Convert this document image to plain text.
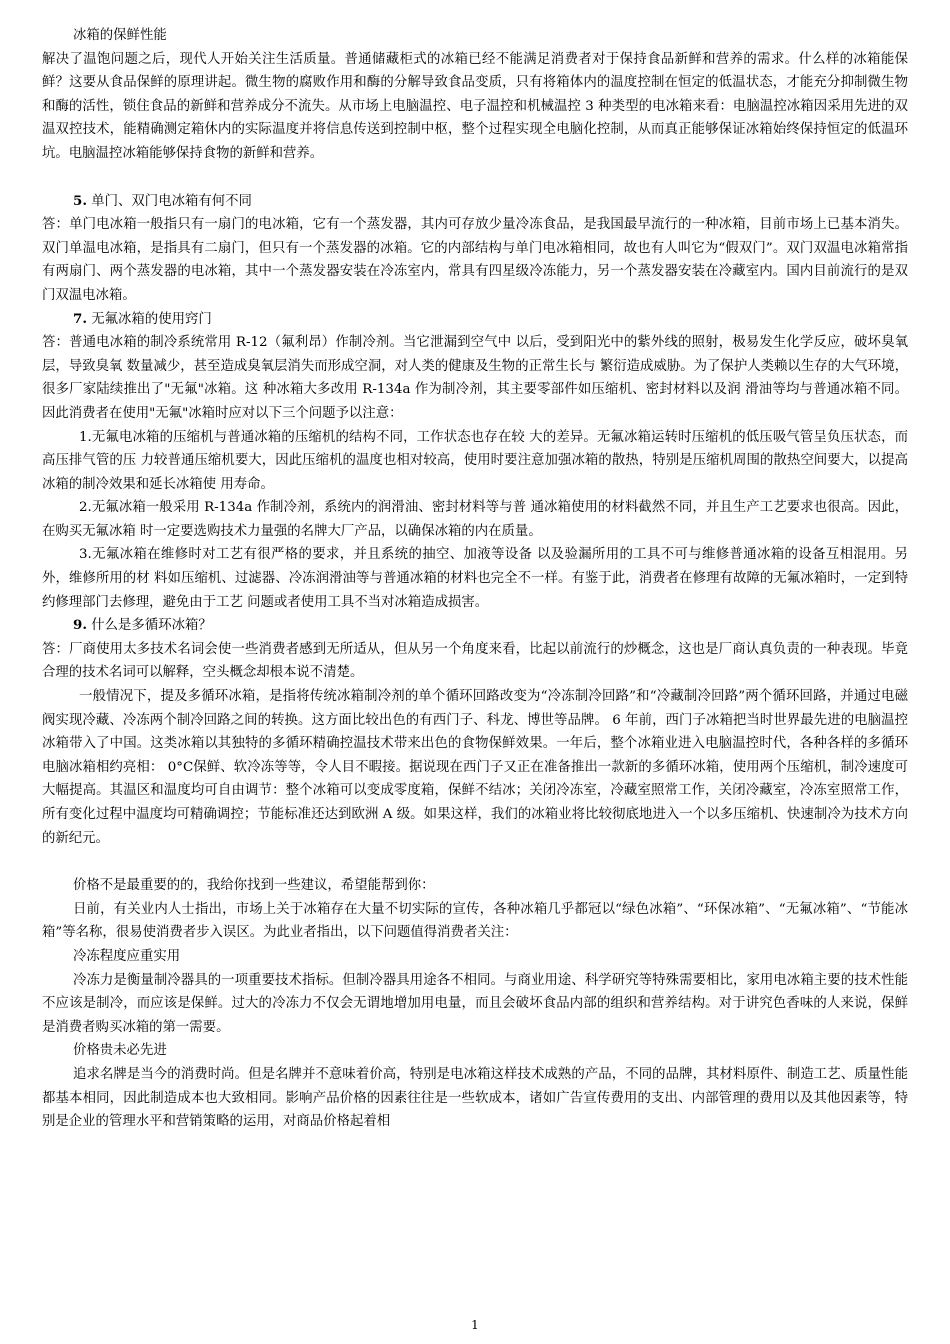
冰箱的保鲜性能

解决了温饱问题之后，现代人开始关注生活质量。普通储藏柜式的冰箱已经不能满足消费者对于保持食品新鲜和营养的需求。什么样的冰箱能保鲜？这要从食品保鲜的原理讲起。微生物的腐败作用和酶的分解导致食品变质，只有将箱体内的温度控制在恒定的低温状态，才能充分抑制微生物和酶的活性，锁住食品的新鲜和营养成分不流失。从市场上电脑温控、电子温控和机械温控 3 种类型的电冰箱来看：电脑温控冰箱因采用先进的双温双控技术，能精确测定箱休内的实际温度并将信息传送到控制中枢，整个过程实现全电脑化控制，从而真正能够保证冰箱始终保持恒定的低温环坑。电脑温控冰箱能够保持食物的新鲜和营养。

5. 单门、双门电冰箱有何不同

答：单门电冰箱一般指只有一扇门的电冰箱，它有一个蒸发器，其内可存放少量冷冻食品，是我国最早流行的一种冰箱，目前市场上已基本消失。双门单温电冰箱，是指具有二扇门，但只有一个蒸发器的冰箱。它的内部结构与单门电冰箱相同，故也有人叫它为“假双门”。双门双温电冰箱常指有两扇门、两个蒸发器的电冰箱，其中一个蒸发器安装在冷冻室内，常具有四星级冷冻能力，另一个蒸发器安装在冷藏室内。国内目前流行的是双门双温电冰箱。

7. 无氟冰箱的使用窍门

答：普通电冰箱的制冷系统常用 R-12（氟利昂）作制冷剂。当它泄漏到空气中 以后，受到阳光中的紫外线的照射，极易发生化学反应，破坏臭氧层，导致臭氧 数量减少，甚至造成臭氧层消失而形成空洞，对人类的健康及生物的正常生长与 繁衍造成威胁。为了保护人类赖以生存的大气环境，很多厂家陆续推出了"无氟"冰箱。这 种冰箱大多改用 R-134a 作为制冷剂，其主要零部件如压缩机、密封材料以及润 滑油等均与普通冰箱不同。因此消费者在使用"无氟"冰箱时应对以下三个问题予以注意：

1.无氟电冰箱的压缩机与普通冰箱的压缩机的结构不同，工作状态也存在较 大的差异。无氟冰箱运转时压缩机的低压吸气管呈负压状态，而高压排气管的压 力较普通压缩机要大，因此压缩机的温度也相对较高，使用时要注意加强冰箱的散热，特别是压缩机周围的散热空间要大，以提高冰箱的制冷效果和延长冰箱使 用寿命。

2.无氟冰箱一般采用 R-134a 作制冷剂，系统内的润滑油、密封材料等与普 通冰箱使用的材料截然不同，并且生产工艺要求也很高。因此，在购买无氟冰箱 时一定要选购技术力量强的名牌大厂产品，以确保冰箱的内在质量。

3.无氟冰箱在维修时对工艺有很严格的要求，并且系统的抽空、加液等设备 以及验漏所用的工具不可与维修普通冰箱的设备互相混用。另外，维修所用的材 料如压缩机、过滤器、冷冻润滑油等与普通冰箱的材料也完全不一样。有鉴于此，消费者在修理有故障的无氟冰箱时，一定到特约修理部门去修理，避免由于工艺 问题或者使用工具不当对冰箱造成损害。

9. 什么是多循环冰箱？

答：厂商使用太多技术名词会使一些消费者感到无所适从，但从另一个角度来看，比起以前流行的炒概念，这也是厂商认真负责的一种表现。毕竟合理的技术名词可以解释，空头概念却根本说不清楚。

一般情况下，提及多循环冰箱，是指将传统冰箱制冷剂的单个循环回路改变为“冷冻制冷回路”和“冷藏制冷回路”两个循环回路，并通过电磁阀实现冷藏、冷冻两个制冷回路之间的转换。这方面比较出色的有西门子、科龙、博世等品牌。 6 年前，西门子冰箱把当时世界最先进的电脑温控冰箱带入了中国。这类冰箱以其独特的多循环精确控温技术带来出色的食物保鲜效果。一年后，整个冰箱业进入电脑温控时代，各种各样的多循环电脑冰箱相约亮相： 0°C保鲜、软冷冻等等，令人目不暇接。据说现在西门子又正在准备推出一款新的多循环冰箱，使用两个压缩机，制冷速度可大幅提高。其温区和温度均可自由调节：整个冰箱可以变成零度箱，保鲜不结冰；关闭冷冻室，冷藏室照常工作，关闭冷藏室，冷冻室照常工作，所有变化过程中温度均可精确调控；节能标准还达到欧洲 A 级。如果这样，我们的冰箱业将比较彻底地进入一个以多压缩机、快速制冷为技术方向的新纪元。

价格不是最重要的的，我给你找到一些建议，希望能帮到你：

日前，有关业内人士指出，市场上关于冰箱存在大量不切实际的宣传，各种冰箱几乎都冠以“绿色冰箱”、“环保冰箱”、“无氟冰箱”、“节能冰箱”等名称，很易使消费者步入误区。为此业者指出，以下问题值得消费者关注：

冷冻程度应重实用

冷冻力是衡量制冷器具的一项重要技术指标。但制冷器具用途各不相同。与商业用途、科学研究等特殊需要相比，家用电冰箱主要的技术性能不应该是制冷，而应该是保鲜。过大的冷冻力不仅会无谓地增加用电量，而且会破坏食品内部的组织和营养结构。对于讲究色香味的人来说，保鲜是消费者购买冰箱的第一需要。

价格贵未必先进

追求名牌是当今的消费时尚。但是名牌并不意味着价高，特别是电冰箱这样技术成熟的产品，不同的品牌，其材料原件、制造工艺、质量性能都基本相同，因此制造成本也大致相同。影响产品价格的因素往往是一些软成本，诸如广告宣传费用的支出、内部管理的费用以及其他因素等，特别是企业的管理水平和营销策略的运用，对商品价格起着相

1
